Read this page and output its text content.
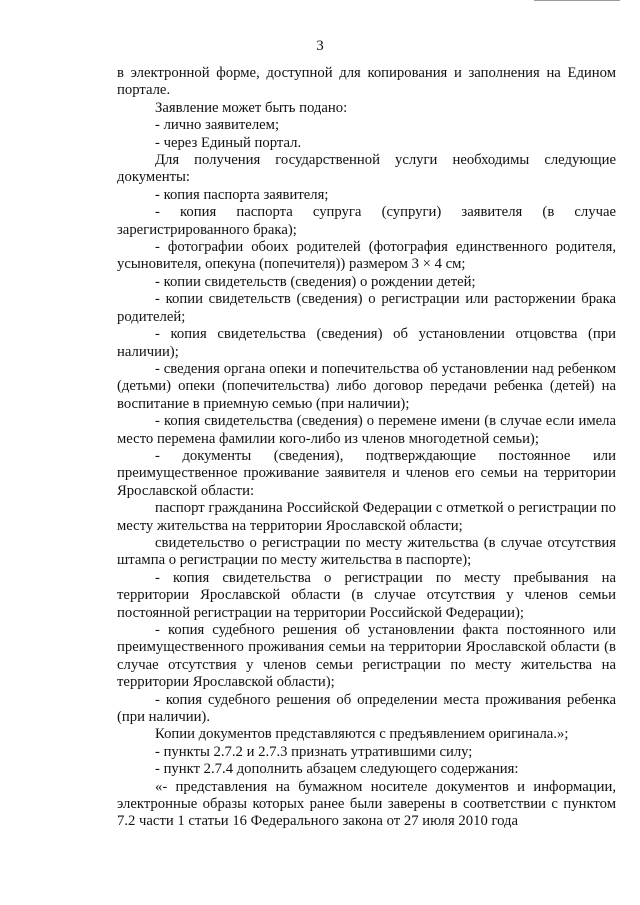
3

в электронной форме, доступной для копирования и заполнения на Едином портале.

Заявление может быть подано:

- лично заявителем;

- через Единый портал.

Для получения государственной услуги необходимы следующие документы:

- копия паспорта заявителя;

- копия паспорта супруга (супруги) заявителя (в случае зарегистрированного брака);

- фотографии обоих родителей (фотография единственного родителя, усыновителя, опекуна (попечителя)) размером 3 × 4 см;

- копии свидетельств (сведения) о рождении детей;

- копии свидетельств (сведения) о регистрации или расторжении брака родителей;

- копия свидетельства (сведения) об установлении отцовства (при наличии);

- сведения органа опеки и попечительства об установлении над ребенком (детьми) опеки (попечительства) либо договор передачи ребенка (детей) на воспитание в приемную семью (при наличии);

- копия свидетельства (сведения) о перемене имени (в случае если имела место перемена фамилии кого-либо из членов многодетной семьи);

- документы (сведения), подтверждающие постоянное или преимущественное проживание заявителя и членов его семьи на территории Ярославской области:

паспорт гражданина Российской Федерации с отметкой о регистрации по месту жительства на территории Ярославской области;

свидетельство о регистрации по месту жительства (в случае отсутствия штампа о регистрации по месту жительства в паспорте);

- копия свидетельства о регистрации по месту пребывания на территории Ярославской области (в случае отсутствия у членов семьи постоянной регистрации на территории Российской Федерации);

- копия судебного решения об установлении факта постоянного или преимущественного проживания семьи на территории Ярославской области (в случае отсутствия у членов семьи регистрации по месту жительства на территории Ярославской области);

- копия судебного решения об определении места проживания ребенка (при наличии).

Копии документов представляются с предъявлением оригинала.»;

- пункты 2.7.2 и 2.7.3 признать утратившими силу;

- пункт 2.7.4 дополнить абзацем следующего содержания:

«- представления на бумажном носителе документов и информации, электронные образы которых ранее были заверены в соответствии с пунктом 7.2 части 1 статьи 16 Федерального закона от 27 июля 2010 года
